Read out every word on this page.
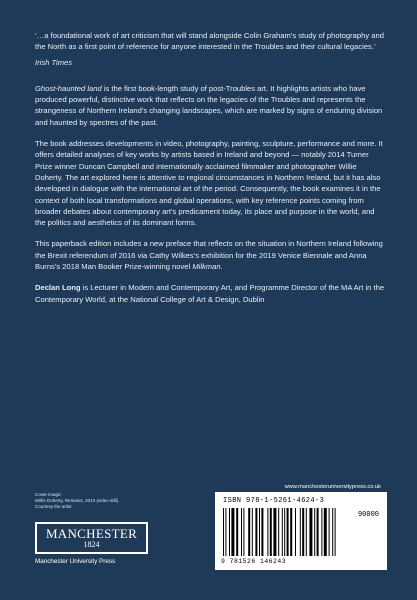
‘…a foundational work of art criticism that will stand alongside Colin Graham’s study of photography and the North as a first point of reference for anyone interested in the Troubles and their cultural legacies.’

Irish Times

Ghost-haunted land is the first book-length study of post-Troubles art. It highlights artists who have produced powerful, distinctive work that reflects on the legacies of the Troubles and represents the strangeness of Northern Ireland’s changing landscapes, which are marked by signs of enduring division and haunted by spectres of the past.

The book addresses developments in video, photography, painting, sculpture, performance and more. It offers detailed analyses of key works by artists based in Ireland and beyond — notably 2014 Turner Prize winner Duncan Campbell and internationally acclaimed filmmaker and photographer Willie Doherty. The art explored here is attentive to regional circumstances in Northern Ireland, but it has also developed in dialogue with the international art of the period. Consequently, the book examines it in the context of both local transformations and global operations, with key reference points coming from broader debates about contemporary art’s predicament today, its place and purpose in the world, and the politics and aesthetics of its dominant forms.

This paperback edition includes a new preface that reflects on the situation in Northern Ireland following the Brexit referendum of 2016 via Cathy Wilkes’s exhibition for the 2019 Venice Biennale and Anna Burns’s 2018 Man Booker Prize-winning novel Milkman.

Declan Long is Lecturer in Modern and Contemporary Art, and Programme Director of the MA Art in the Contemporary World, at the National College of Art & Design, Dublin

Cover image:
Willie Doherty, Remains, 2013 (video still).
Courtesy the artist
MANCHESTER
1824
Manchester University Press
www.manchesteruniversitypress.co.uk
ISBN 978-1-5261-4624-3
90000
9 781526 146243
